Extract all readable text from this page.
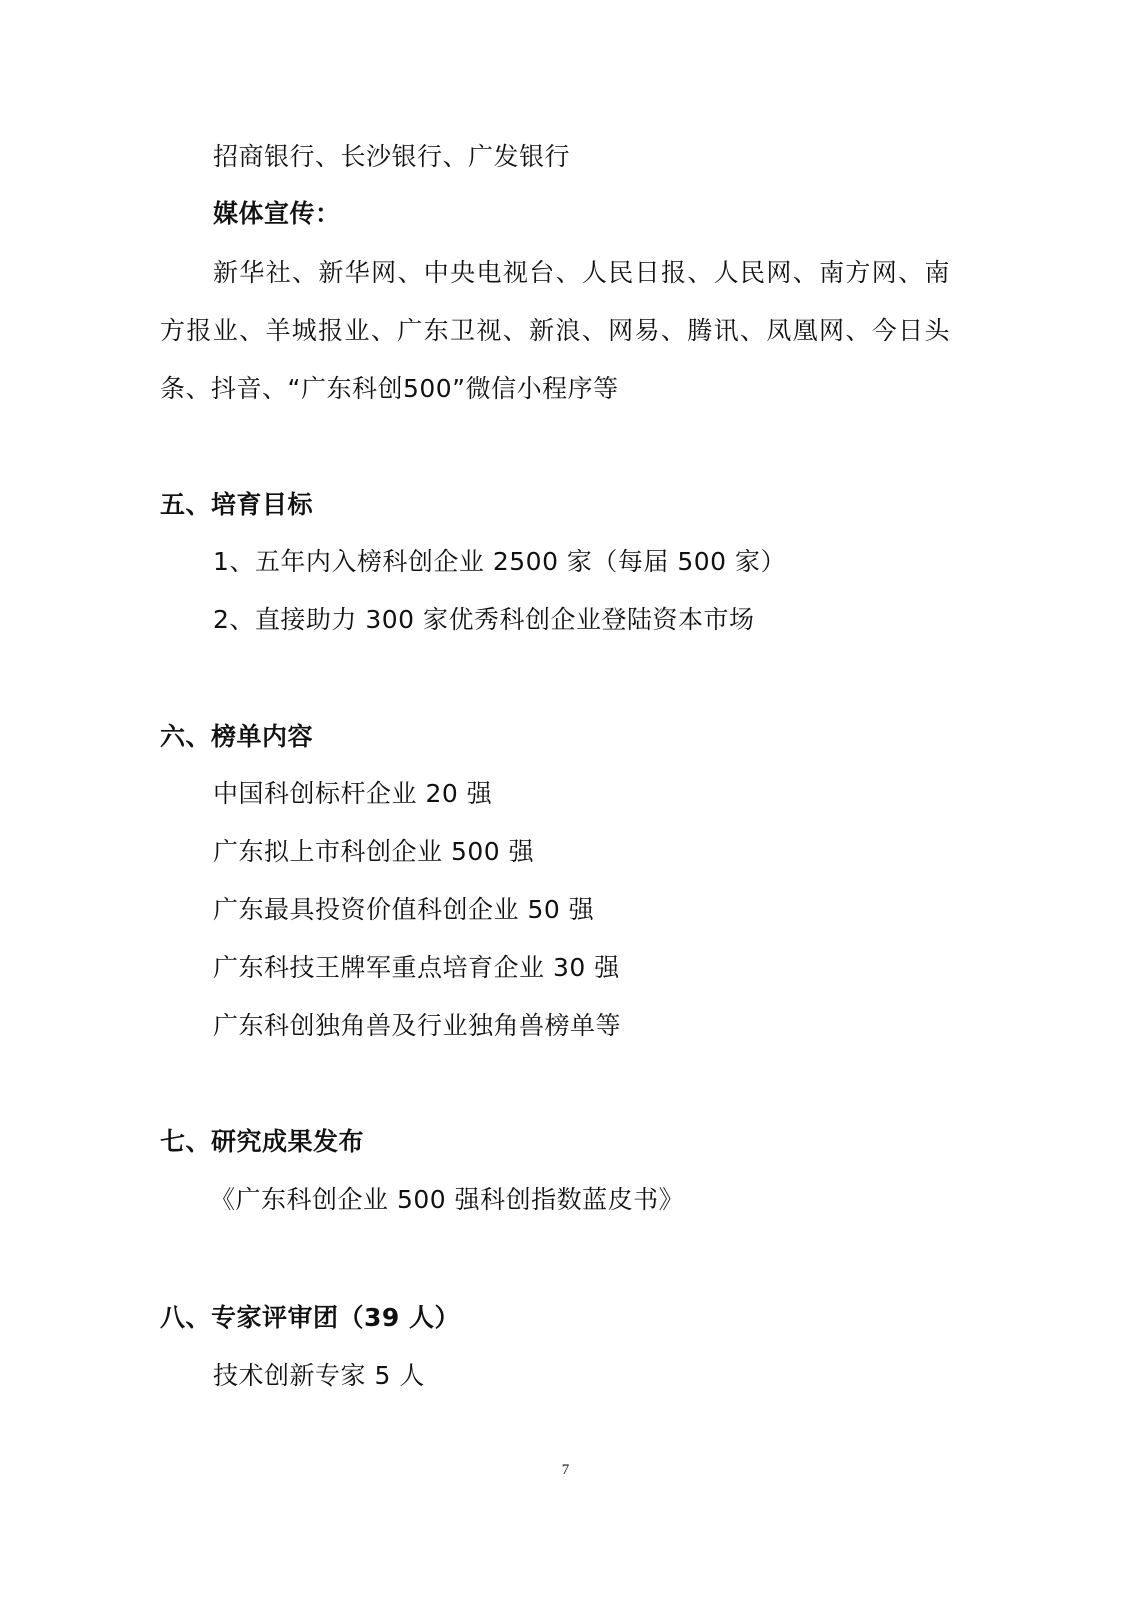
招商银行、长沙银行、广发银行
媒体宣传：
新华社、新华网、中央电视台、人民日报、人民网、南方网、南方报业、羊城报业、广东卫视、新浪、网易、腾讯、凤凰网、今日头条、抖音、“广东科创500”微信小程序等
五、培育目标
1、五年内入榜科创企业 2500 家（每届 500 家）
2、直接助力 300 家优秀科创企业登陆资本市场
六、榜单内容
中国科创标杆企业 20 强
广东拟上市科创企业 500 强
广东最具投资价值科创企业 50 强
广东科技王牌军重点培育企业 30 强
广东科创独角兽及行业独角兽榜单等
七、研究成果发布
《广东科创企业 500 强科创指数蓝皮书》
八、专家评审团（39 人）
技术创新专家 5 人
7
